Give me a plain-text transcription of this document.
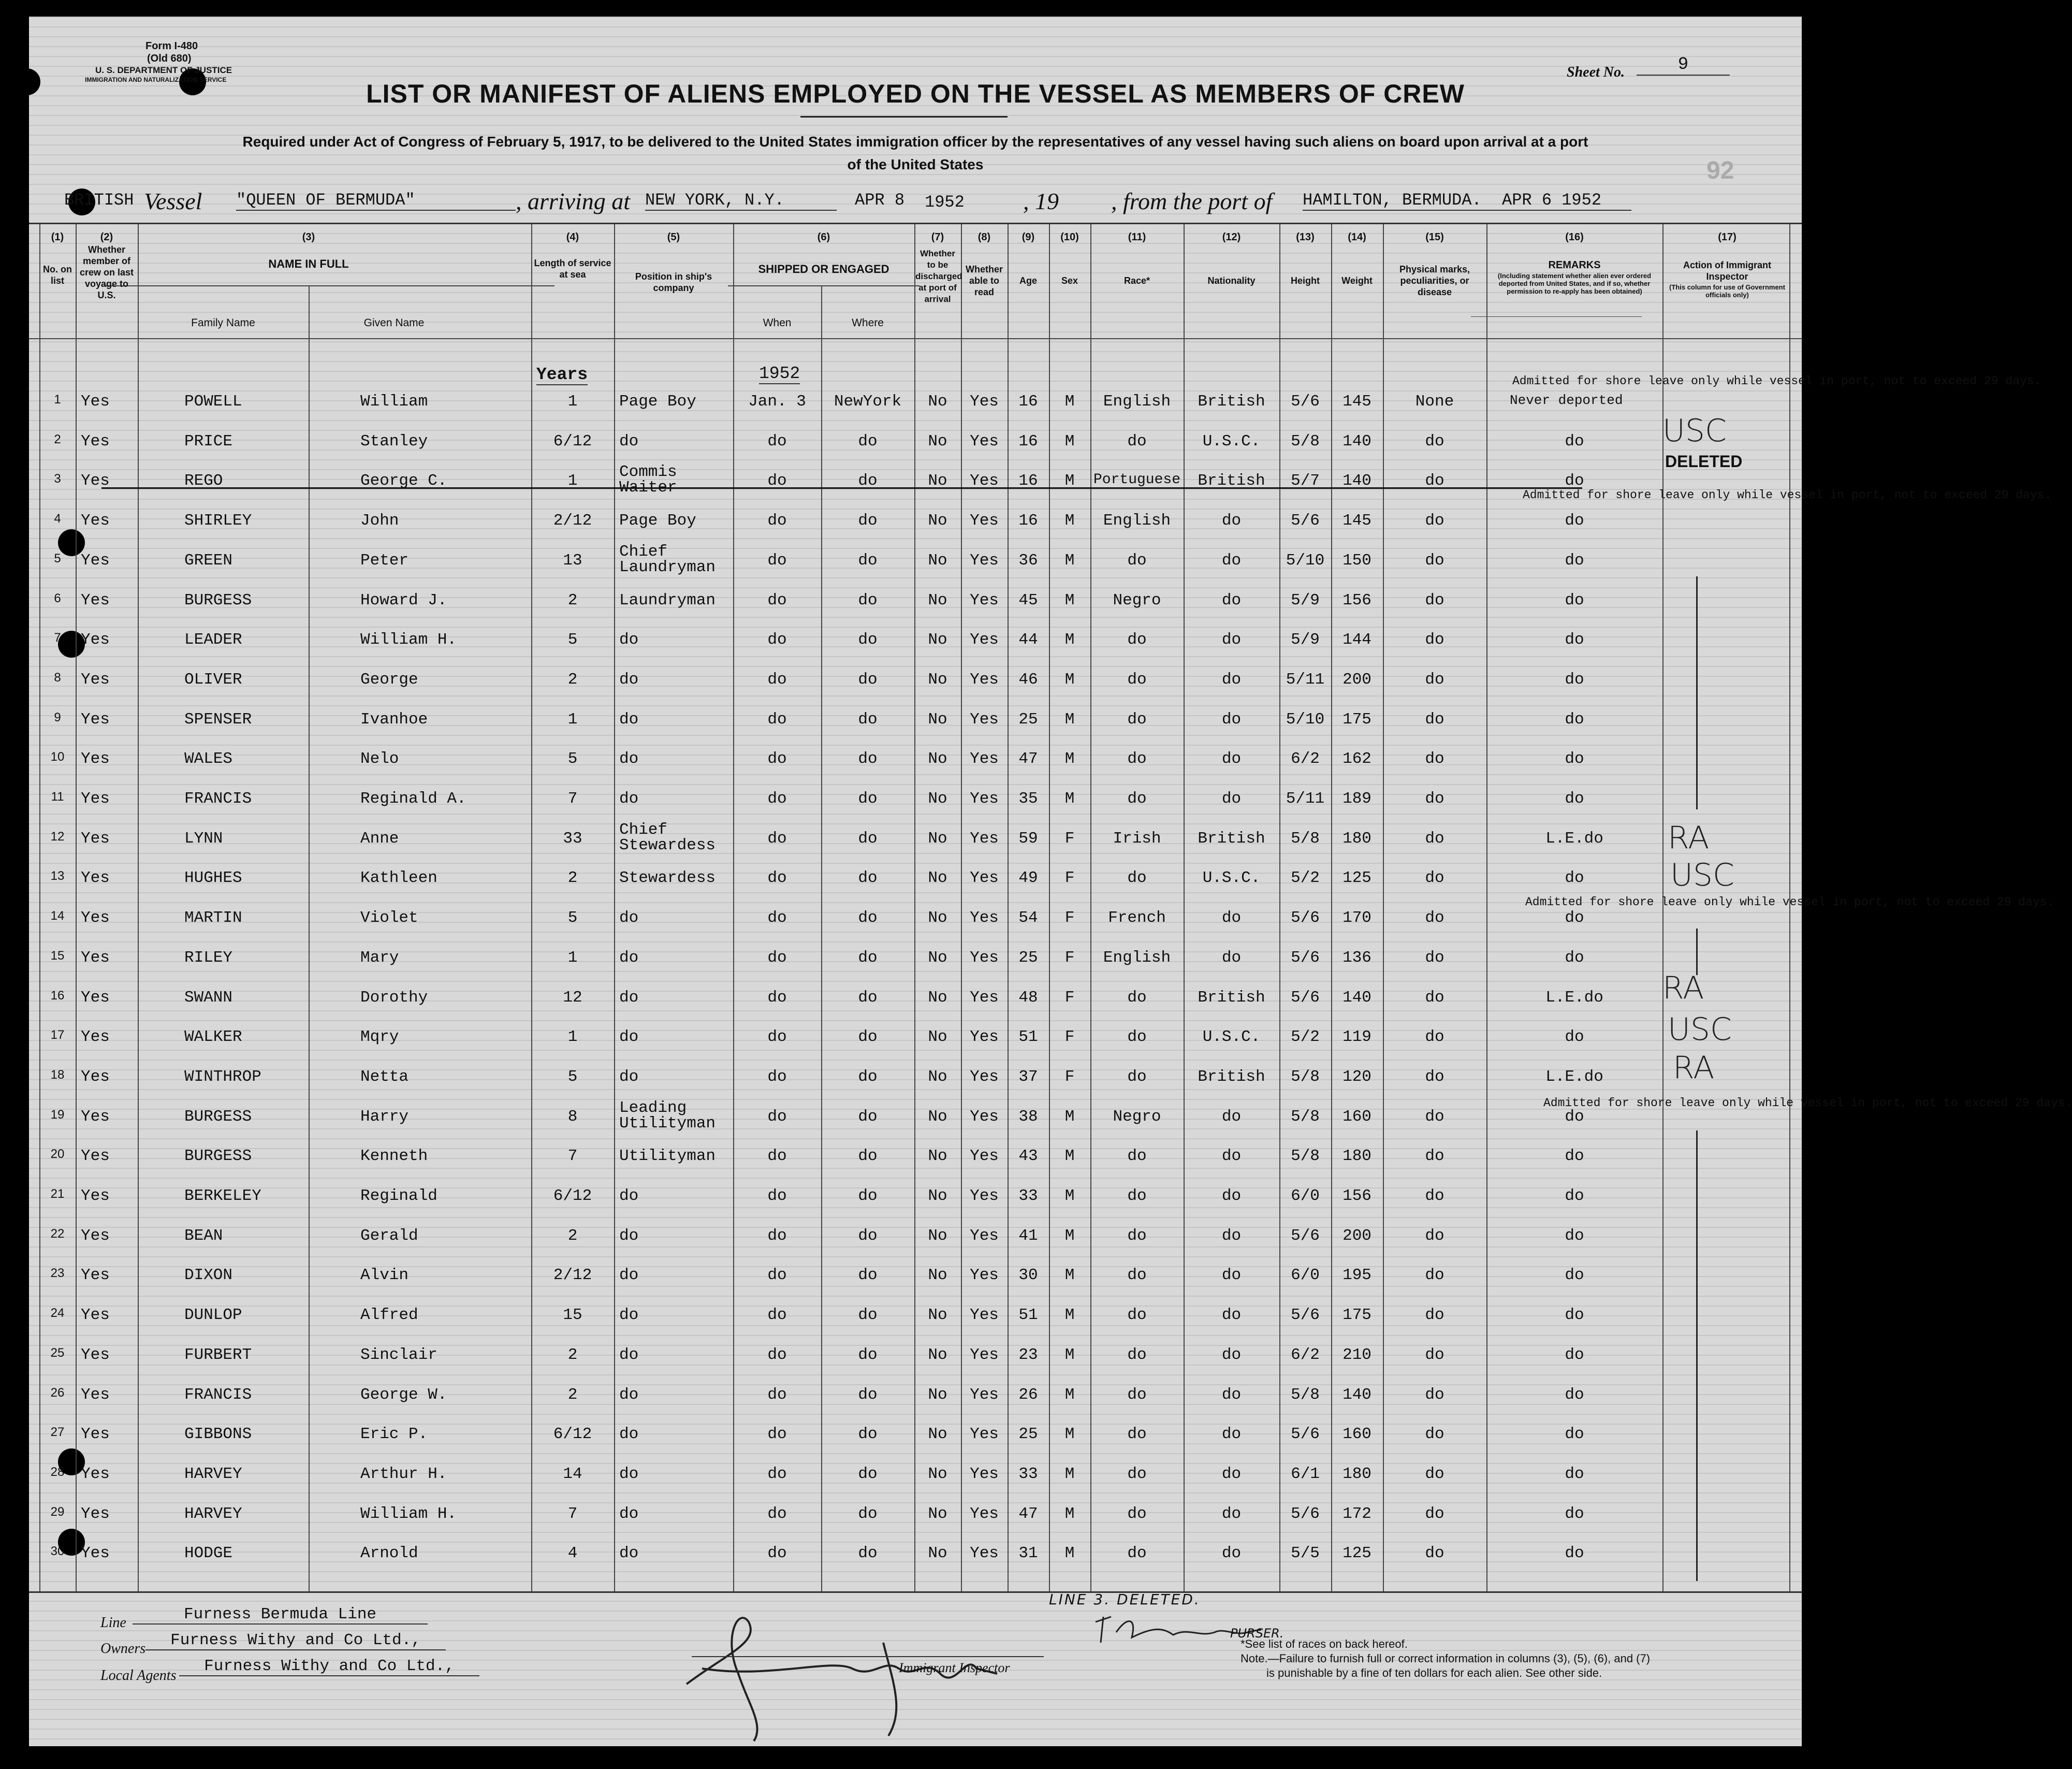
Form I-480
(Old 680)
U. S. DEPARTMENT OF JUSTICE
IMMIGRATION AND NATURALIZATION SERVICE	Sheet No.	9
LIST OR MANIFEST OF ALIENS EMPLOYED ON THE VESSEL AS MEMBERS OF CREW
Required under Act of Congress of February 5, 1917, to be delivered to the United States immigration officer by the representatives of any vessel having such aliens on board upon arrival at a port
of the United States	92
BRITISH Vessel "QUEEN OF BERMUDA"	, arriving at NEW YORK, N.Y.	APR 8 1952 , 19 , from the port of HAMILTON, BERMUDA.	APR 6 1952
(1)
No. on list
(2)
Whether member of crew on last voyage to U.S.
(3)
NAME IN FULL
Family Name	Given Name
(4)
Length of service at sea
(5)
Position in ship's company
(6)
SHIPPED OR ENGAGED
When	Where
(7)
Whether to be discharged at port of arrival
(8)
Whether able to read
(9)
Age
(10)
Sex
(11)
Race*
(12)
Nationality
(13)
Height
(14)
Weight
(15)
Physical marks, peculiarities, or disease
(16)
REMARKS
(Including statement whether alien ever ordered deported from United States, and if so, whether permission to re-apply has been obtained)
(17)
Action of Immigrant Inspector
(This column for use of Government officials only)
Years	1952
1	Yes	POWELL	William	1	Page Boy	Jan. 3	NewYork	No	Yes	16	M	English	British	5/6	145	None	Never deported
2	Yes	PRICE	Stanley	6/12	do	do	do	No	Yes	16	M	do	U.S.C.	5/8	140	do	do
3	Yes	REGO	George C.	1	Commis Waiter	do	do	No	Yes	16	M	Portuguese	British	5/7	140	do	do
4	Yes	SHIRLEY	John	2/12	Page Boy	do	do	No	Yes	16	M	English	do	5/6	145	do	do
5	Yes	GREEN	Peter	13	Chief Laundryman	do	do	No	Yes	36	M	do	do	5/10	150	do	do
6	Yes	BURGESS	Howard J.	2	Laundryman	do	do	No	Yes	45	M	Negro	do	5/9	156	do	do
7	Yes	LEADER	William H.	5	do	do	do	No	Yes	44	M	do	do	5/9	144	do	do
8	Yes	OLIVER	George	2	do	do	do	No	Yes	46	M	do	do	5/11	200	do	do
9	Yes	SPENSER	Ivanhoe	1	do	do	do	No	Yes	25	M	do	do	5/10	175	do	do
10	Yes	WALES	Nelo	5	do	do	do	No	Yes	47	M	do	do	6/2	162	do	do
11	Yes	FRANCIS	Reginald A.	7	do	do	do	No	Yes	35	M	do	do	5/11	189	do	do
12	Yes	LYNN	Anne	33	Chief Stewardess	do	do	No	Yes	59	F	Irish	British	5/8	180	do	L.E.do
13	Yes	HUGHES	Kathleen	2	Stewardess	do	do	No	Yes	49	F	do	U.S.C.	5/2	125	do	do
14	Yes	MARTIN	Violet	5	do	do	do	No	Yes	54	F	French	do	5/6	170	do	do
15	Yes	RILEY	Mary	1	do	do	do	No	Yes	25	F	English	do	5/6	136	do	do
16	Yes	SWANN	Dorothy	12	do	do	do	No	Yes	48	F	do	British	5/6	140	do	L.E.do
17	Yes	WALKER	Mqry	1	do	do	do	No	Yes	51	F	do	U.S.C.	5/2	119	do	do
18	Yes	WINTHROP	Netta	5	do	do	do	No	Yes	37	F	do	British	5/8	120	do	L.E.do
19	Yes	BURGESS	Harry	8	Leading Utilityman	do	do	No	Yes	38	M	Negro	do	5/8	160	do	do
20	Yes	BURGESS	Kenneth	7	Utilityman	do	do	No	Yes	43	M	do	do	5/8	180	do	do
21	Yes	BERKELEY	Reginald	6/12	do	do	do	No	Yes	33	M	do	do	6/0	156	do	do
22	Yes	BEAN	Gerald	2	do	do	do	No	Yes	41	M	do	do	5/6	200	do	do
23	Yes	DIXON	Alvin	2/12	do	do	do	No	Yes	30	M	do	do	6/0	195	do	do
24	Yes	DUNLOP	Alfred	15	do	do	do	No	Yes	51	M	do	do	5/6	175	do	do
25	Yes	FURBERT	Sinclair	2	do	do	do	No	Yes	23	M	do	do	6/2	210	do	do
26	Yes	FRANCIS	George W.	2	do	do	do	No	Yes	26	M	do	do	5/8	140	do	do
27	Yes	GIBBONS	Eric P.	6/12	do	do	do	No	Yes	25	M	do	do	5/6	160	do	do
28	Yes	HARVEY	Arthur H.	14	do	do	do	No	Yes	33	M	do	do	6/1	180	do	do
29	Yes	HARVEY	William H.	7	do	do	do	No	Yes	47	M	do	do	5/6	172	do	do
30	Yes	HODGE	Arnold	4	do	do	do	No	Yes	31	M	do	do	5/5	125	do	do
Admitted for shore leave only while vessel in port, not to exceed 29 days.
Admitted for shore leave only while vessel in port, not to exceed 29 days.
Admitted for shore leave only while vessel in port, not to exceed 29 days.
Admitted for shore leave only while vessel in port, not to exceed 29 days.
USC
DELETED
RA
USC
RA
USC
RA
LINE 3. DELETED.
Line	Furness Bermuda Line
Owners	Furness Withy and Co Ltd.,
Local Agents
Furness Withy and Co Ltd.,	Immigrant Inspector
PURSER.
*See list of races on back hereof.
Note.—Failure to furnish full or correct information in columns (3), (5), (6), and (7)
is punishable by a fine of ten dollars for each alien. See other side.
